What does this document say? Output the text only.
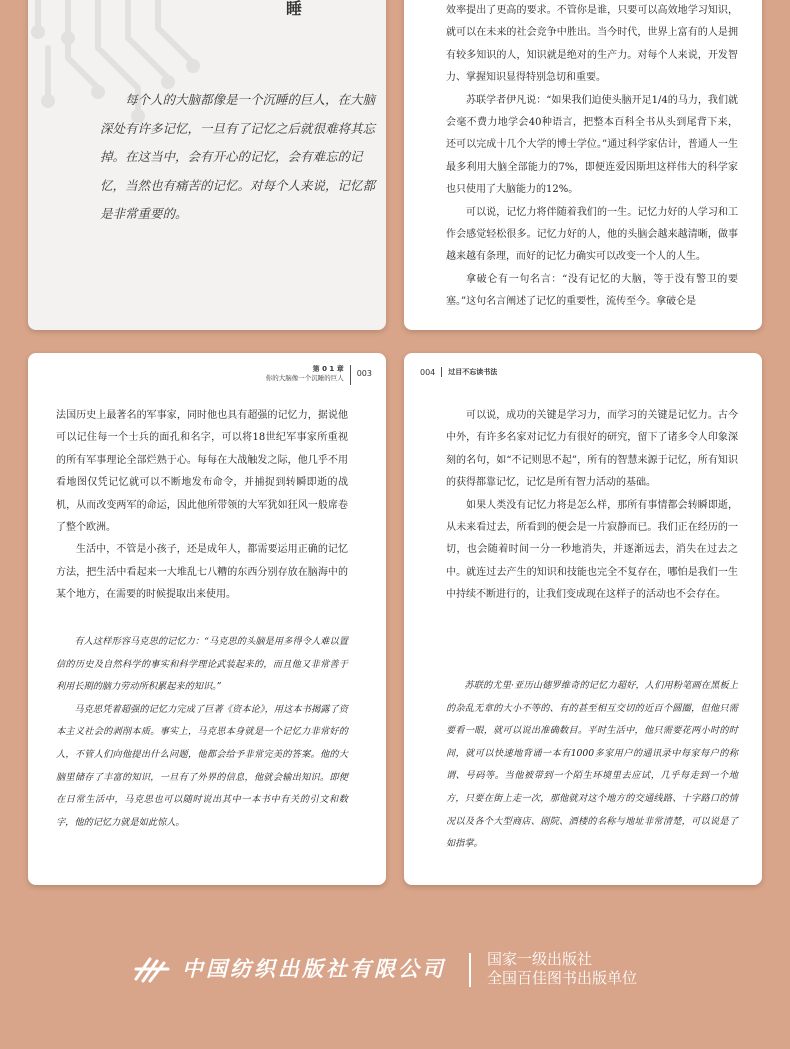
睡

每个人的大脑都像是一个沉睡的巨人，在大脑深处有许多记忆，一旦有了记忆之后就很难将其忘掉。在这当中，会有开心的记忆，会有难忘的记忆，当然也有痛苦的记忆。对每个人来说，记忆都是非常重要的。

效率提出了更高的要求。不管你是谁，只要可以高效地学习知识，就可以在未来的社会竞争中胜出。当今时代，世界上富有的人是拥有较多知识的人，知识就是绝对的生产力。对每个人来说，开发智力、掌握知识显得特别急切和重要。

苏联学者伊凡说：“如果我们迫使头脑开足1/4的马力，我们就会毫不费力地学会40种语言，把整本百科全书从头到尾背下来，还可以完成十几个大学的博士学位。”通过科学家估计，普通人一生最多利用大脑全部能力的7%，即便连爱因斯坦这样伟大的科学家也只使用了大脑能力的12%。

可以说，记忆力将伴随着我们的一生。记忆力好的人学习和工作会感觉轻松很多。记忆力好的人，他的头脑会越来越清晰，做事越来越有条理，而好的记忆力确实可以改变一个人的人生。

拿破仑有一句名言：“没有记忆的大脑，等于没有警卫的要塞。”这句名言阐述了记忆的重要性，流传至今。拿破仑是

第 0 1 章
你的大脑像一个沉睡的巨人 003

法国历史上最著名的军事家，同时他也具有超强的记忆力，据说他可以记住每一个士兵的面孔和名字，可以将18世纪军事家所重视的所有军事理论全部烂熟于心。每每在大战触发之际，他几乎不用看地图仅凭记忆就可以不断地发布命令，并捕捉到转瞬即逝的战机，从而改变两军的命运，因此他所带领的大军犹如狂风一般席卷了整个欧洲。

生活中，不管是小孩子，还是成年人，都需要运用正确的记忆方法，把生活中看起来一大堆乱七八糟的东西分别存放在脑海中的某个地方，在需要的时候提取出来使用。

有人这样形容马克思的记忆力：“马克思的头脑是用多得令人难以置信的历史及自然科学的事实和科学理论武装起来的，而且他又非常善于利用长期的脑力劳动所积累起来的知识。”

马克思凭着超强的记忆力完成了巨著《资本论》，用这本书揭露了资本主义社会的剥削本质。事实上，马克思本身就是一个记忆力非常好的人，不管人们向他提出什么问题，他都会给予非常完美的答案。他的大脑里储存了丰富的知识，一旦有了外界的信息，他就会输出知识。即便在日常生活中，马克思也可以随时说出其中一本书中有关的引文和数字，他的记忆力就是如此惊人。

004 过目不忘读书法

可以说，成功的关键是学习力，而学习的关键是记忆力。古今中外，有许多名家对记忆力有很好的研究，留下了诸多令人印象深刻的名句，如“不记则思不起”，所有的智慧来源于记忆，所有知识的获得都靠记忆，记忆是所有智力活动的基础。

如果人类没有记忆力将是怎么样，那所有事情都会转瞬即逝，从未来看过去，所看到的便会是一片寂静而已。我们正在经历的一切，也会随着时间一分一秒地消失，并逐渐远去，消失在过去之中。就连过去产生的知识和技能也完全不复存在，哪怕是我们一生中持续不断进行的，让我们变成现在这样子的活动也不会存在。

苏联的尤里·亚历山德罗维奇的记忆力超好，人们用粉笔画在黑板上的杂乱无章的大小不等的、有的甚至相互交切的近百个圆圈，但他只需要看一眼，就可以说出准确数目。平时生活中，他只需要花两小时的时间，就可以快速地背诵一本有1000多家用户的通讯录中每家每户的称谓、号码等。当他被带到一个陌生环境里去应试，几乎每走到一个地方，只要在街上走一次，那他就对这个地方的交通线路、十字路口的情况以及各个大型商店、剧院、酒楼的名称与地址非常清楚，可以说是了如指掌。

中国纺织出版社有限公司	国家一级出版社
全国百佳图书出版单位
